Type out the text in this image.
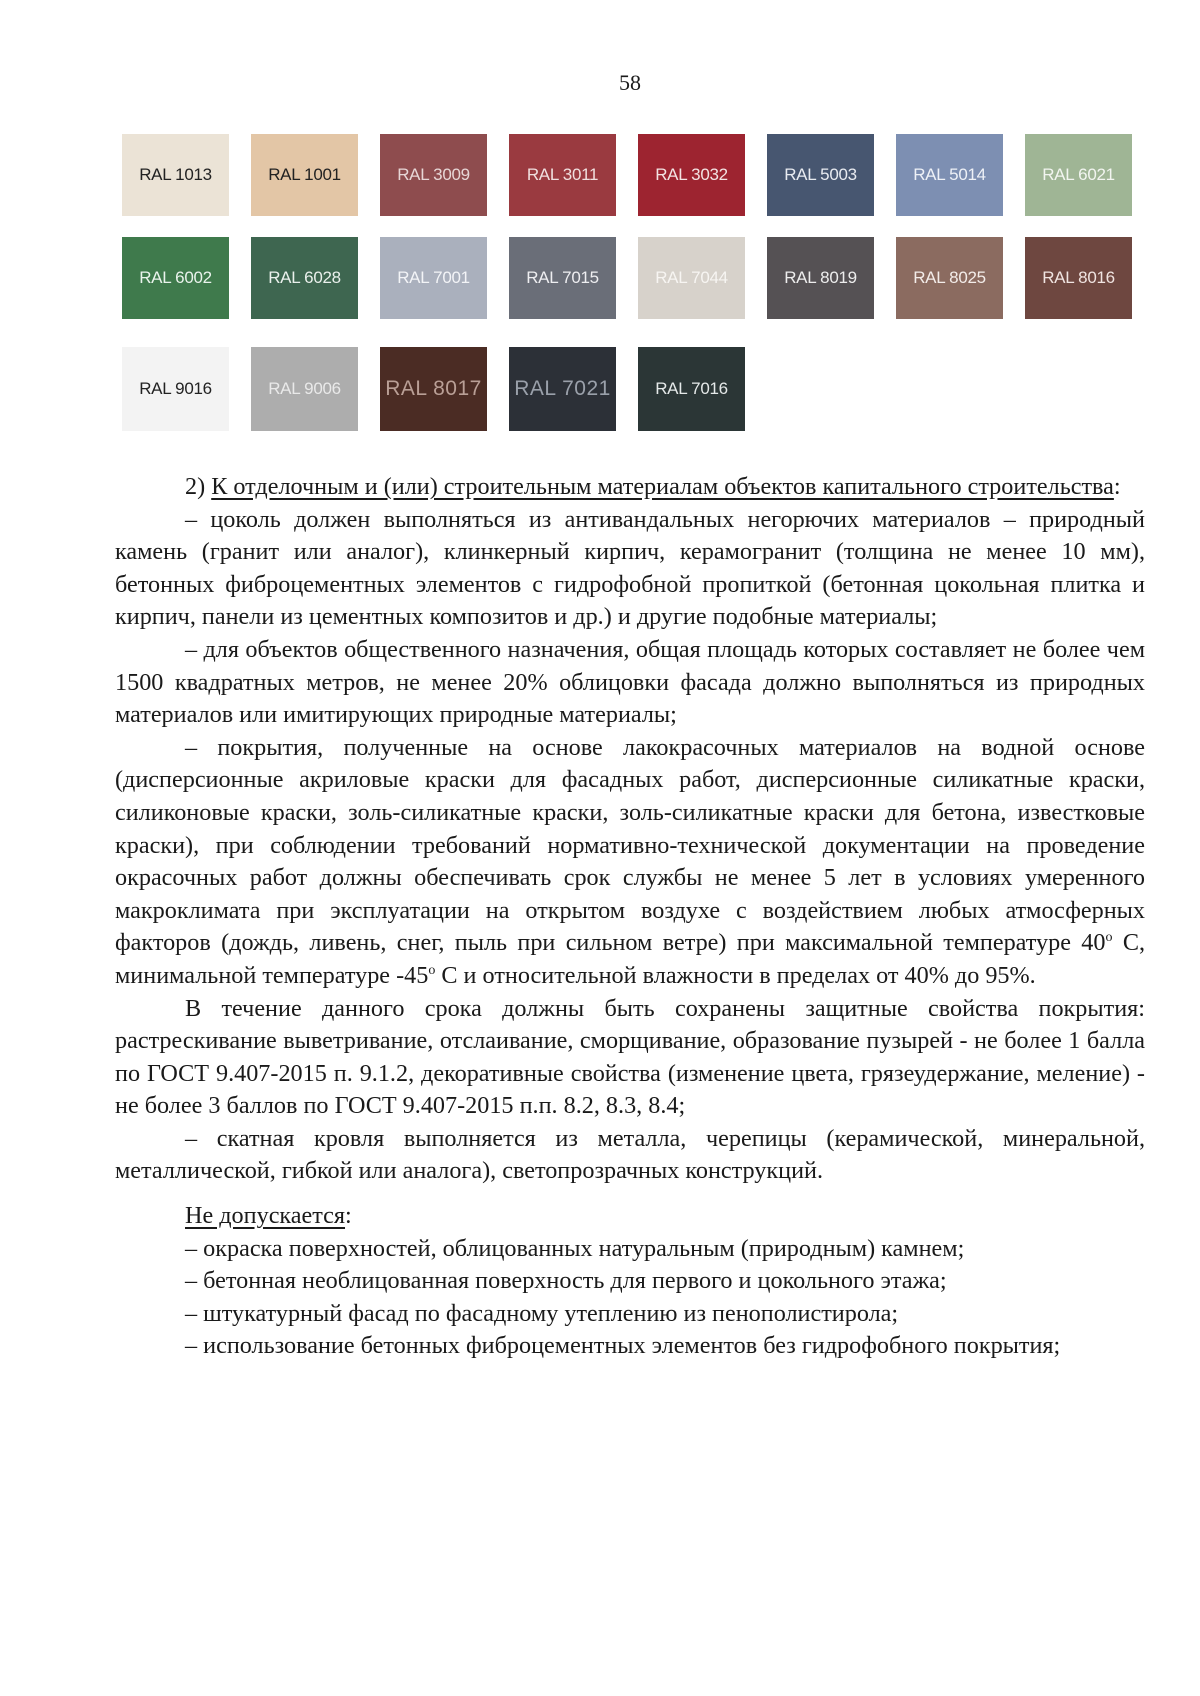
58
RAL 1013	RAL 1001	RAL 3009	RAL 3011	RAL 3032	RAL 5003	RAL 5014	RAL 6021
RAL 6002	RAL 6028	RAL 7001	RAL 7015	RAL 7044	RAL 8019	RAL 8025	RAL 8016
RAL 9016	RAL 9006	RAL 8017 RAL 7021	RAL 7016

2) К отделочным и (или) строительным материалам объектов капитального строительства:

– цоколь должен выполняться из антивандальных негорючих материалов – природный камень (гранит или аналог), клинкерный кирпич, керамогранит (толщина не менее 10 мм), бетонных фиброцементных элементов с гидрофобной пропиткой (бетонная цокольная плитка и кирпич, панели из цементных композитов и др.) и другие подобные материалы;

– для объектов общественного назначения, общая площадь которых составляет не более чем 1500 квадратных метров, не менее 20% облицовки фасада должно выполняться из природных материалов или имитирующих природные материалы;

– покрытия, полученные на основе лакокрасочных материалов на водной основе (дисперсионные акриловые краски для фасадных работ, дисперсионные силикатные краски, силиконовые краски, золь-силикатные краски, золь-силикатные краски для бетона, известковые краски), при соблюдении требований нормативно-технической документации на проведение окрасочных работ должны обеспечивать срок службы не менее 5 лет в условиях умеренного макроклимата при эксплуатации на открытом воздухе с воздействием любых атмосферных факторов (дождь, ливень, снег, пыль при сильном ветре) при максимальной температуре 40$^o$ С, минимальной температуре -45$^o$ С и относительной влажности в пределах от 40% до 95%.

В течение данного срока должны быть сохранены защитные свойства покрытия: растрескивание выветривание, отслаивание, сморщивание, образование пузырей - не более 1 балла по ГОСТ 9.407-2015 п. 9.1.2, декоративные свойства (изменение цвета, грязеудержание, меление) - не более 3 баллов по ГОСТ 9.407-2015 п.п. 8.2, 8.3, 8.4;

– скатная кровля выполняется из металла, черепицы (керамической, минеральной, металлической, гибкой или аналога), светопрозрачных конструкций.

Не допускается:

– окраска поверхностей, облицованных натуральным (природным) камнем;

– бетонная необлицованная поверхность для первого и цокольного этажа;

– штукатурный фасад по фасадному утеплению из пенополистирола;

– использование бетонных фиброцементных элементов без гидрофобного покрытия;
